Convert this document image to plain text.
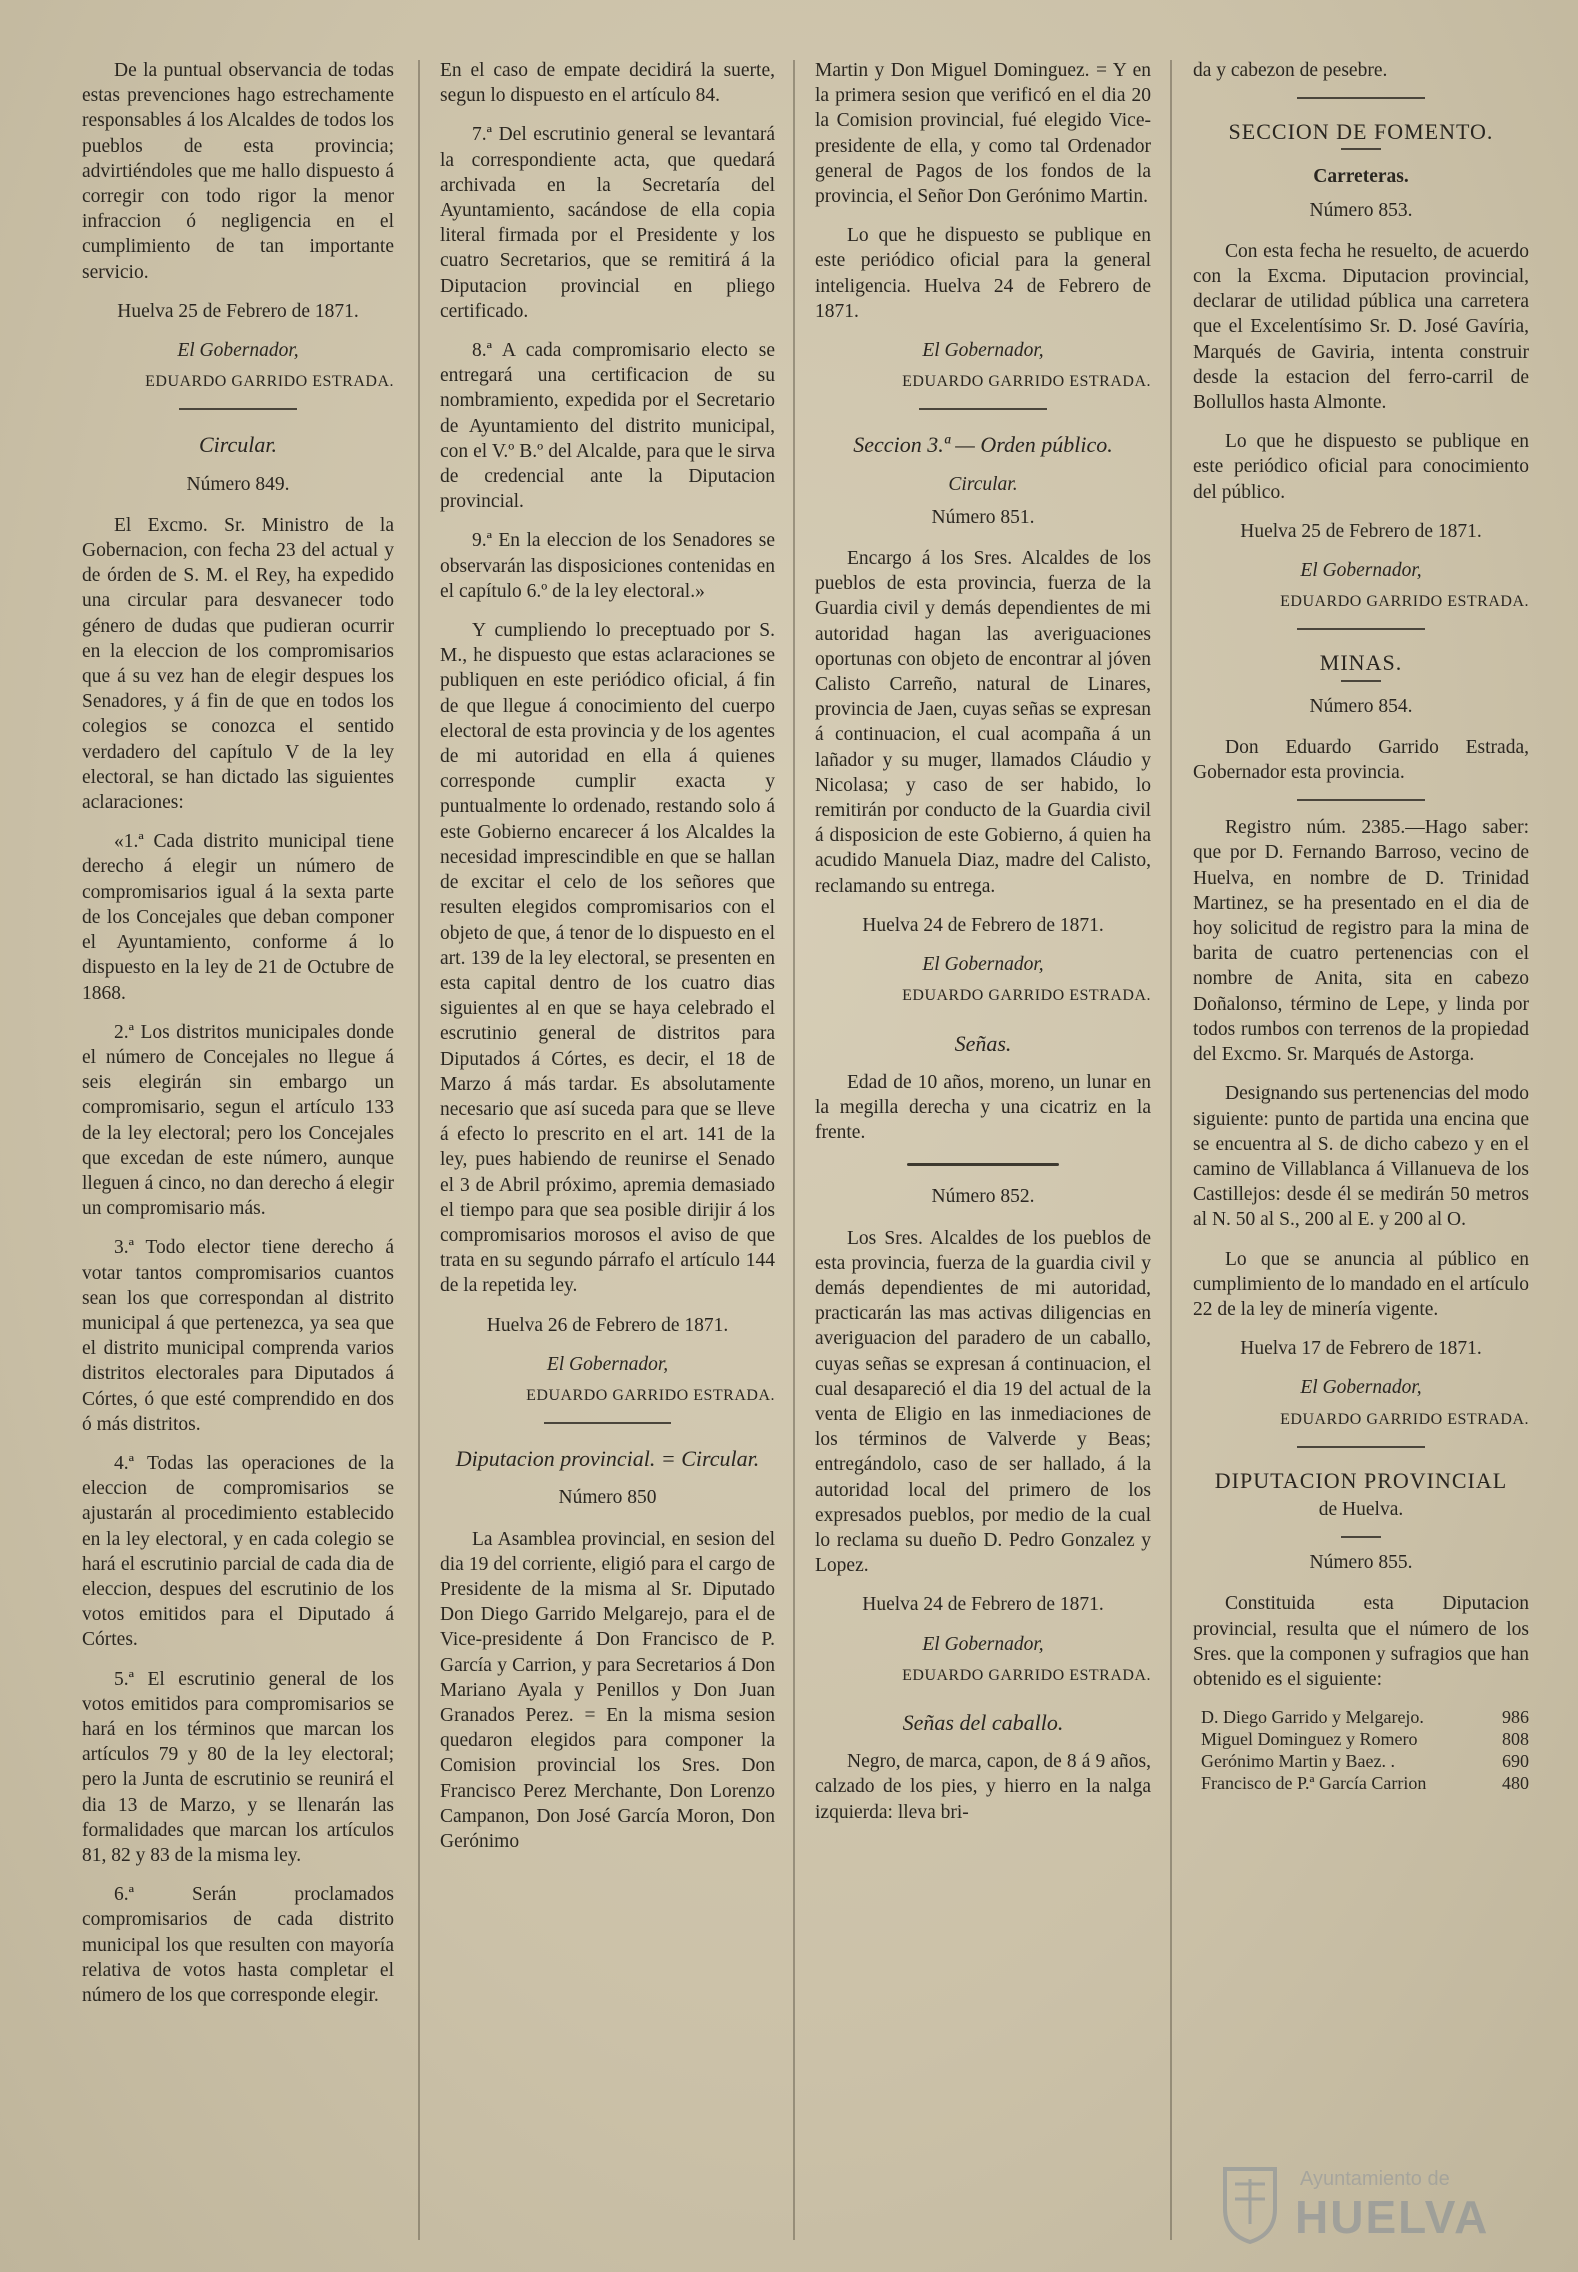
De la puntual observancia de todas estas prevenciones hago estrechamente responsables á los Alcaldes de todos los pueblos de esta provincia; advirtiéndoles que me hallo dispuesto á corregir con todo rigor la menor infraccion ó negligencia en el cumplimiento de tan importante servicio.

Huelva 25 de Febrero de 1871.

El Gobernador,

EDUARDO GARRIDO ESTRADA.

Circular.

Número 849.

El Excmo. Sr. Ministro de la Gobernacion, con fecha 23 del actual y de órden de S. M. el Rey, ha expedido una circular para desvanecer todo género de dudas que pudieran ocurrir en la eleccion de los compromisarios que á su vez han de elegir despues los Senadores, y á fin de que en todos los colegios se conozca el sentido verdadero del capítulo V de la ley electoral, se han dictado las siguientes aclaraciones:

«1.ª Cada distrito municipal tiene derecho á elegir un número de compromisarios igual á la sexta parte de los Concejales que deban componer el Ayuntamiento, conforme á lo dispuesto en la ley de 21 de Octubre de 1868.

2.ª Los distritos municipales donde el número de Concejales no llegue á seis elegirán sin embargo un compromisario, segun el artículo 133 de la ley electoral; pero los Concejales que excedan de este número, aunque lleguen á cinco, no dan derecho á elegir un compromisario más.

3.ª Todo elector tiene derecho á votar tantos compromisarios cuantos sean los que correspondan al distrito municipal á que pertenezca, ya sea que el distrito municipal comprenda varios distritos electorales para Diputados á Córtes, ó que esté comprendido en dos ó más distritos.

4.ª Todas las operaciones de la eleccion de compromisarios se ajustarán al procedimiento establecido en la ley electoral, y en cada colegio se hará el escrutinio parcial de cada dia de eleccion, despues del escrutinio de los votos emitidos para el Diputado á Córtes.

5.ª El escrutinio general de los votos emitidos para compromisarios se hará en los términos que marcan los artículos 79 y 80 de la ley electoral; pero la Junta de escrutinio se reunirá el dia 13 de Marzo, y se llenarán las formalidades que marcan los artículos 81, 82 y 83 de la misma ley.

6.ª Serán proclamados compromisarios de cada distrito municipal los que resulten con mayoría relativa de votos hasta completar el número de los que corresponde elegir.

En el caso de empate decidirá la suerte, segun lo dispuesto en el artículo 84.

7.ª Del escrutinio general se levantará la correspondiente acta, que quedará archivada en la Secretaría del Ayuntamiento, sacándose de ella copia literal firmada por el Presidente y los cuatro Secretarios, que se remitirá á la Diputacion provincial en pliego certificado.

8.ª A cada compromisario electo se entregará una certificacion de su nombramiento, expedida por el Secretario de Ayuntamiento del distrito municipal, con el V.º B.º del Alcalde, para que le sirva de credencial ante la Diputacion provincial.

9.ª En la eleccion de los Senadores se observarán las disposiciones contenidas en el capítulo 6.º de la ley electoral.»

Y cumpliendo lo preceptuado por S. M., he dispuesto que estas aclaraciones se publiquen en este periódico oficial, á fin de que llegue á conocimiento del cuerpo electoral de esta provincia y de los agentes de mi autoridad en ella á quienes corresponde cumplir exacta y puntualmente lo ordenado, restando solo á este Gobierno encarecer á los Alcaldes la necesidad imprescindible en que se hallan de excitar el celo de los señores que resulten elegidos compromisarios con el objeto de que, á tenor de lo dispuesto en el art. 139 de la ley electoral, se presenten en esta capital dentro de los cuatro dias siguientes al en que se haya celebrado el escrutinio general de distritos para Diputados á Córtes, es decir, el 18 de Marzo á más tardar. Es absolutamente necesario que así suceda para que se lleve á efecto lo prescrito en el art. 141 de la ley, pues habiendo de reunirse el Senado el 3 de Abril próximo, apremia demasiado el tiempo para que sea posible dirijir á los compromisarios morosos el aviso de que trata en su segundo párrafo el artículo 144 de la repetida ley.

Huelva 26 de Febrero de 1871.

El Gobernador,

EDUARDO GARRIDO ESTRADA.

Diputacion provincial. = Circular.

Número 850

La Asamblea provincial, en sesion del dia 19 del corriente, eligió para el cargo de Presidente de la misma al Sr. Diputado Don Diego Garrido Melgarejo, para el de Vice-presidente á Don Francisco de P. García y Carrion, y para Secretarios á Don Mariano Ayala y Penillos y Don Juan Granados Perez. = En la misma sesion quedaron elegidos para componer la Comision provincial los Sres. Don Francisco Perez Merchante, Don Lorenzo Campanon, Don José García Moron, Don Gerónimo

Martin y Don Miguel Dominguez. = Y en la primera sesion que verificó en el dia 20 la Comision provincial, fué elegido Vice-presidente de ella, y como tal Ordenador general de Pagos de los fondos de la provincia, el Señor Don Gerónimo Martin.

Lo que he dispuesto se publique en este periódico oficial para la general inteligencia. Huelva 24 de Febrero de 1871.

El Gobernador,

EDUARDO GARRIDO ESTRADA.

Seccion 3.ª — Orden público.

Circular.

Número 851.

Encargo á los Sres. Alcaldes de los pueblos de esta provincia, fuerza de la Guardia civil y demás dependientes de mi autoridad hagan las averiguaciones oportunas con objeto de encontrar al jóven Calisto Carreño, natural de Linares, provincia de Jaen, cuyas señas se expresan á continuacion, el cual acompaña á un lañador y su muger, llamados Cláudio y Nicolasa; y caso de ser habido, lo remitirán por conducto de la Guardia civil á disposicion de este Gobierno, á quien ha acudido Manuela Diaz, madre del Calisto, reclamando su entrega.

Huelva 24 de Febrero de 1871.

El Gobernador,

EDUARDO GARRIDO ESTRADA.

Señas.

Edad de 10 años, moreno, un lunar en la megilla derecha y una cicatriz en la frente.

Número 852.

Los Sres. Alcaldes de los pueblos de esta provincia, fuerza de la guardia civil y demás dependientes de mi autoridad, practicarán las mas activas diligencias en averiguacion del paradero de un caballo, cuyas señas se expresan á continuacion, el cual desapareció el dia 19 del actual de la venta de Eligio en las inmediaciones de los términos de Valverde y Beas; entregándolo, caso de ser hallado, á la autoridad local del primero de los expresados pueblos, por medio de la cual lo reclama su dueño D. Pedro Gonzalez y Lopez.

Huelva 24 de Febrero de 1871.

El Gobernador,

EDUARDO GARRIDO ESTRADA.

Señas del caballo.

Negro, de marca, capon, de 8 á 9 años, calzado de los pies, y hierro en la nalga izquierda: lleva bri-

da y cabezon de pesebre.

SECCION DE FOMENTO.

Carreteras.

Número 853.

Con esta fecha he resuelto, de acuerdo con la Excma. Diputacion provincial, declarar de utilidad pública una carretera que el Excelentísimo Sr. D. José Gavíria, Marqués de Gaviria, intenta construir desde la estacion del ferro-carril de Bollullos hasta Almonte.

Lo que he dispuesto se publique en este periódico oficial para conocimiento del público.

Huelva 25 de Febrero de 1871.

El Gobernador,

EDUARDO GARRIDO ESTRADA.

MINAS.

Número 854.

Don Eduardo Garrido Estrada, Gobernador esta provincia.

Registro núm. 2385.—Hago saber: que por D. Fernando Barroso, vecino de Huelva, en nombre de D. Trinidad Martinez, se ha presentado en el dia de hoy solicitud de registro para la mina de barita de cuatro pertenencias con el nombre de Anita, sita en cabezo Doñalonso, término de Lepe, y linda por todos rumbos con terrenos de la propiedad del Excmo. Sr. Marqués de Astorga.

Designando sus pertenencias del modo siguiente: punto de partida una encina que se encuentra al S. de dicho cabezo y en el camino de Villablanca á Villanueva de los Castillejos: desde él se medirán 50 metros al N. 50 al S., 200 al E. y 200 al O.

Lo que se anuncia al público en cumplimiento de lo mandado en el artículo 22 de la ley de minería vigente.

Huelva 17 de Febrero de 1871.

El Gobernador,

EDUARDO GARRIDO ESTRADA.

DIPUTACION PROVINCIAL

de Huelva.

Número 855.

Constituida esta Diputacion provincial, resulta que el número de los Sres. que la componen y sufragios que han obtenido es el siguiente:

D. Diego Garrido y Melgarejo.	986
Miguel Dominguez y Romero	808
Gerónimo Martin y Baez. .	690
Francisco de P.ª García Carrion	480
Ayuntamiento de
HUELVA
